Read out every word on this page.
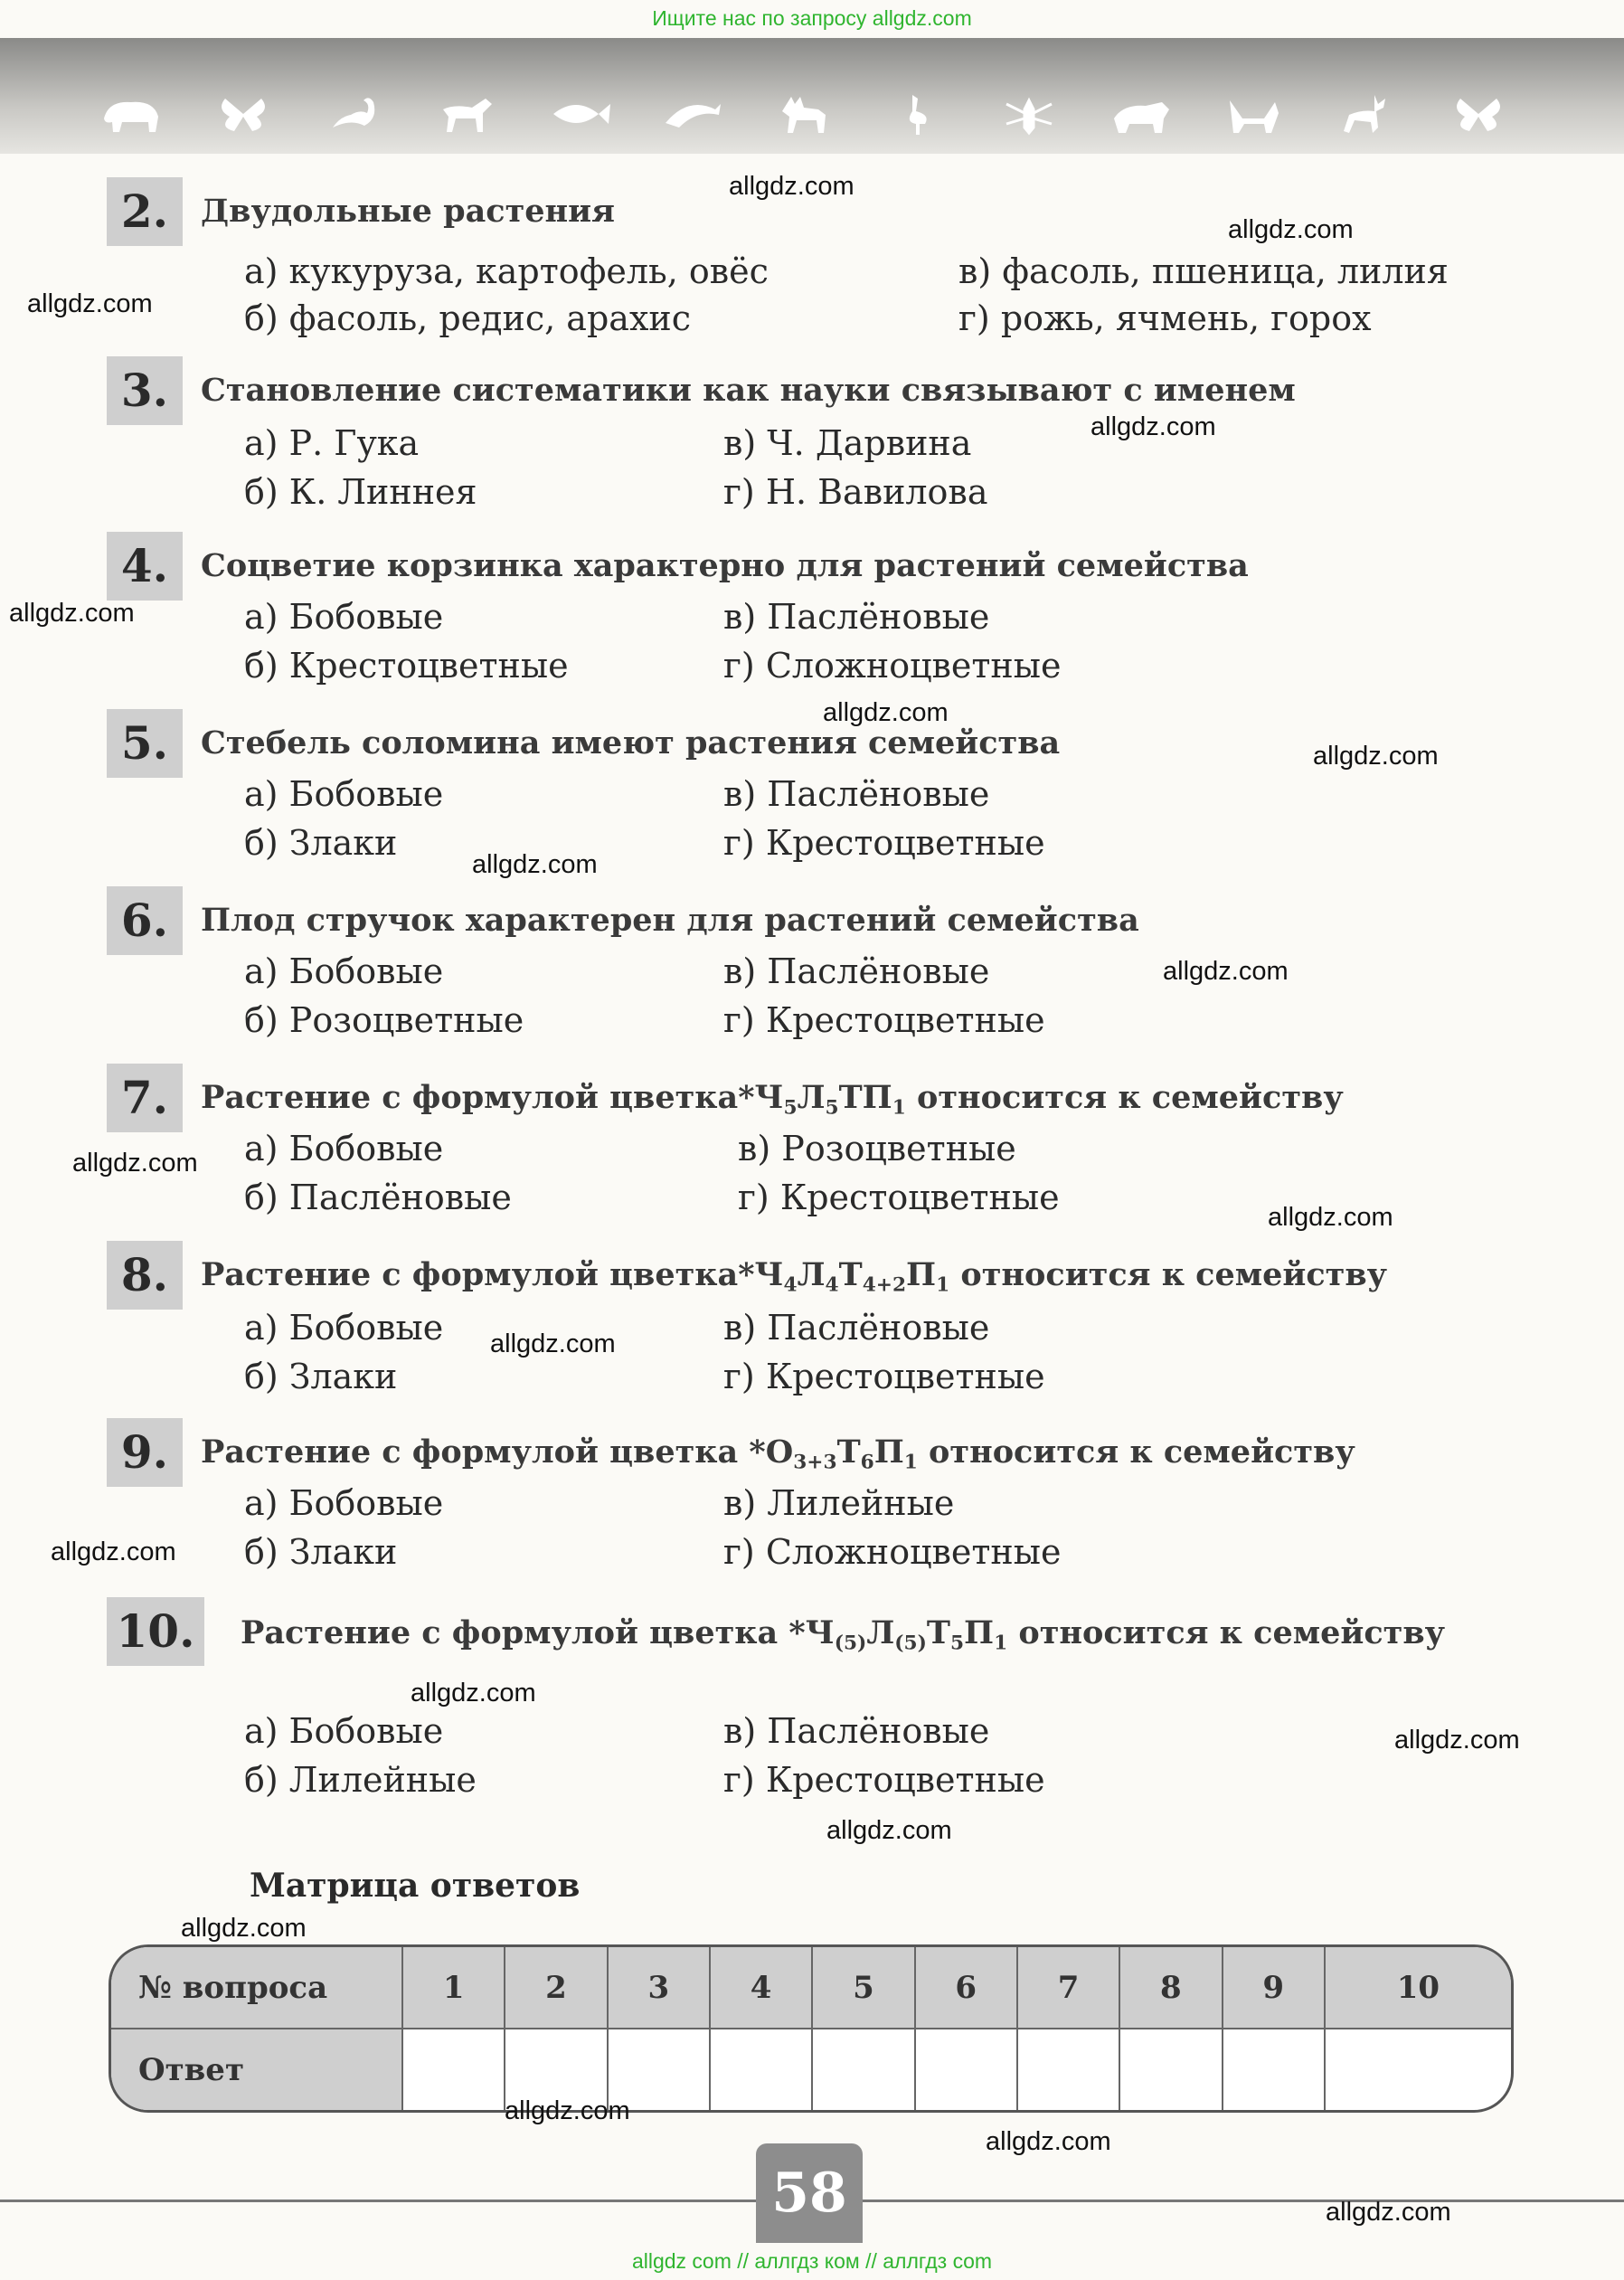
Ищите нас по запросу allgdz.com
2.	Двудольные растения
а) кукуруза, картофель, овёс
б) фасоль, редис, арахис
в) фасоль, пшеница, лилия
г) рожь, ячмень, горох
3.	Становление систематики как науки связывают с именем
а) Р. Гука
б) К. Линнея
в) Ч. Дарвина
г) Н. Вавилова
4.	Соцветие корзинка характерно для растений семейства
а) Бобовые
б) Крестоцветные
в) Паслёновые
г) Сложноцветные
5.	Стебель соломина имеют растения семейства
а) Бобовые
б) Злаки
в) Паслёновые
г) Крестоцветные
6.	Плод стручок характерен для растений семейства
а) Бобовые
б) Розоцветные
в) Паслёновые
г) Крестоцветные
7.	Растение с формулой $цветка*Ч_5Л_5ТП_1$ относится к семейству
а) Бобовые
б) Паслёновые
в) Розоцветные
г) Крестоцветные
8.	Растение с формулой $цветка*Ч_4Л_4Т_{4+2}П_1$ относится к семейству
а) Бобовые
б) Злаки
в) Паслёновые
г) Крестоцветные
9.	Растение с формулой цветка $*О_{3+3}Т_6П_1$ относится к семейству
а) Бобовые
б) Злаки
в) Лилейные
г) Сложноцветные
10.	Растение с формулой цветка $*Ч_{(5)}Л_{(5)}Т_5П_1$ относится к семейству
а) Бобовые
б) Лилейные
в) Паслёновые
г) Крестоцветные
Матрица ответов
№ вопроса	1	2	3	4	5	6	7	8	9	10
Ответ										
58
allgdz.com
allgdz.com
allgdz.com
allgdz.com
allgdz.com
allgdz.com
allgdz.com
allgdz.com
allgdz.com
allgdz.com
allgdz.com
allgdz.com
allgdz.com
allgdz.com
allgdz.com
allgdz.com
allgdz.com
allgdz.com
allgdz.com
allgdz.com
allgdz com // аллгдз ком // аллгдз com
